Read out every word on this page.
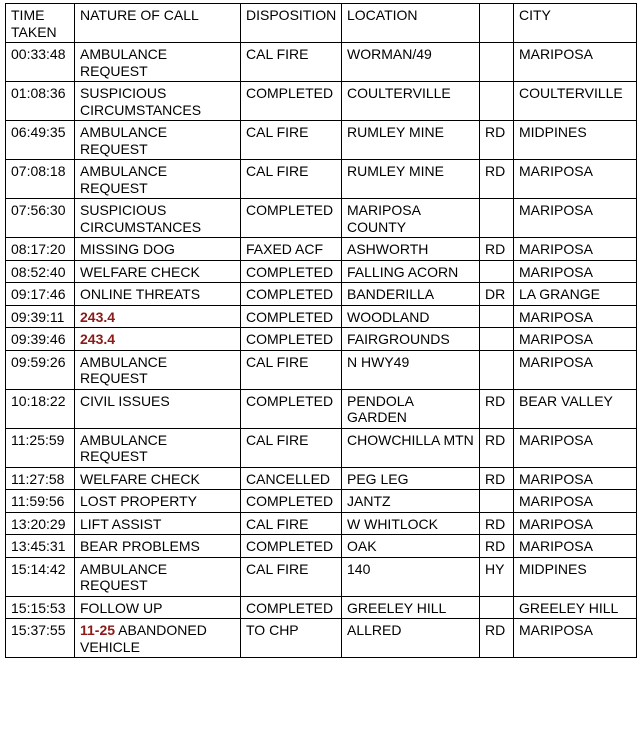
TIME TAKEN	NATURE OF CALL	DISPOSITION	LOCATION		CITY
00:33:48	AMBULANCE REQUEST	CAL FIRE	WORMAN/49		MARIPOSA
01:08:36	SUSPICIOUS CIRCUMSTANCES	COMPLETED	COULTERVILLE		COULTERVILLE
06:49:35	AMBULANCE REQUEST	CAL FIRE	RUMLEY MINE	RD	MIDPINES
07:08:18	AMBULANCE REQUEST	CAL FIRE	RUMLEY MINE	RD	MARIPOSA
07:56:30	SUSPICIOUS CIRCUMSTANCES	COMPLETED	MARIPOSA COUNTY		MARIPOSA
08:17:20	MISSING DOG	FAXED ACF	ASHWORTH	RD	MARIPOSA
08:52:40	WELFARE CHECK	COMPLETED	FALLING ACORN		MARIPOSA
09:17:46	ONLINE THREATS	COMPLETED	BANDERILLA	DR	LA GRANGE
09:39:11	243.4	COMPLETED	WOODLAND		MARIPOSA
09:39:46	243.4	COMPLETED	FAIRGROUNDS		MARIPOSA
09:59:26	AMBULANCE REQUEST	CAL FIRE	N HWY49		MARIPOSA
10:18:22	CIVIL ISSUES	COMPLETED	PENDOLA GARDEN	RD	BEAR VALLEY
11:25:59	AMBULANCE REQUEST	CAL FIRE	CHOWCHILLA MTN	RD	MARIPOSA
11:27:58	WELFARE CHECK	CANCELLED	PEG LEG	RD	MARIPOSA
11:59:56	LOST PROPERTY	COMPLETED	JANTZ		MARIPOSA
13:20:29	LIFT ASSIST	CAL FIRE	W WHITLOCK	RD	MARIPOSA
13:45:31	BEAR PROBLEMS	COMPLETED	OAK	RD	MARIPOSA
15:14:42	AMBULANCE REQUEST	CAL FIRE	140	HY	MIDPINES
15:15:53	FOLLOW UP	COMPLETED	GREELEY HILL		GREELEY HILL
15:37:55	11-25 ABANDONED VEHICLE	TO CHP	ALLRED	RD	MARIPOSA
